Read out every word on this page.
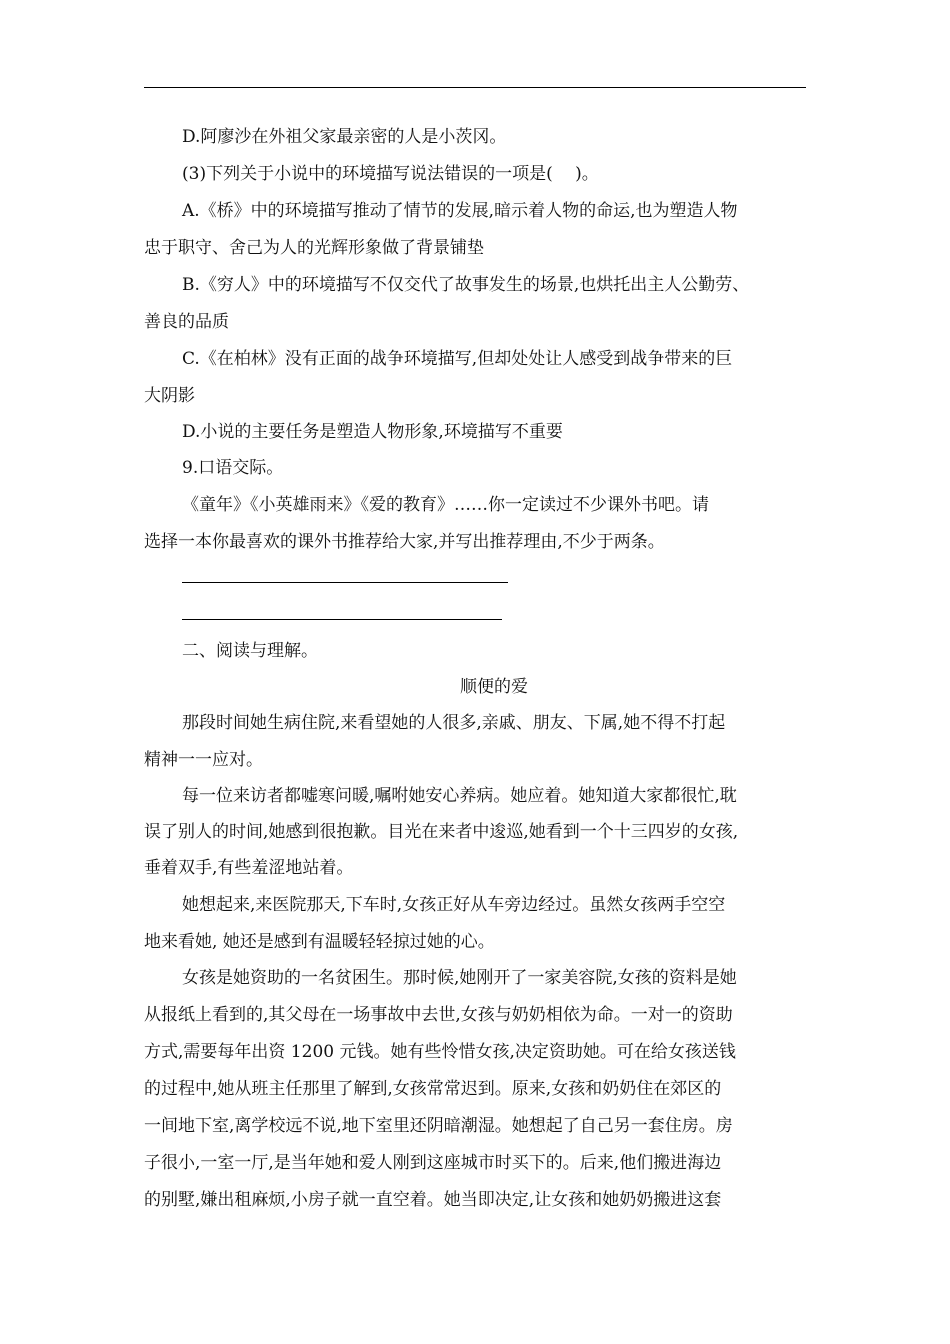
D.阿廖沙在外祖父家最亲密的人是小茨冈。
(3)下列关于小说中的环境描写说法错误的一项是(　 )。
A.《桥》中的环境描写推动了情节的发展,暗示着人物的命运,也为塑造人物
忠于职守、舍己为人的光辉形象做了背景铺垫
B.《穷人》中的环境描写不仅交代了故事发生的场景,也烘托出主人公勤劳、
善良的品质
C.《在柏林》没有正面的战争环境描写,但却处处让人感受到战争带来的巨
大阴影
D.小说的主要任务是塑造人物形象,环境描写不重要
9.口语交际。
《童年》《小英雄雨来》《爱的教育》……你一定读过不少课外书吧。请
选择一本你最喜欢的课外书推荐给大家,并写出推荐理由,不少于两条。
二、阅读与理解。
顺便的爱
那段时间她生病住院,来看望她的人很多,亲戚、朋友、下属,她不得不打起
精神一一应对。
每一位来访者都嘘寒问暖,嘱咐她安心养病。她应着。她知道大家都很忙,耽
误了别人的时间,她感到很抱歉。目光在来者中逡巡,她看到一个十三四岁的女孩,
垂着双手,有些羞涩地站着。
她想起来,来医院那天,下车时,女孩正好从车旁边经过。虽然女孩两手空空
地来看她, 她还是感到有温暖轻轻掠过她的心。
女孩是她资助的一名贫困生。那时候,她刚开了一家美容院,女孩的资料是她
从报纸上看到的,其父母在一场事故中去世,女孩与奶奶相依为命。一对一的资助
方式,需要每年出资 1200 元钱。她有些怜惜女孩,决定资助她。可在给女孩送钱
的过程中,她从班主任那里了解到,女孩常常迟到。原来,女孩和奶奶住在郊区的
一间地下室,离学校远不说,地下室里还阴暗潮湿。她想起了自己另一套住房。房
子很小,一室一厅,是当年她和爱人刚到这座城市时买下的。后来,他们搬进海边
的别墅,嫌出租麻烦,小房子就一直空着。她当即决定,让女孩和她奶奶搬进这套
